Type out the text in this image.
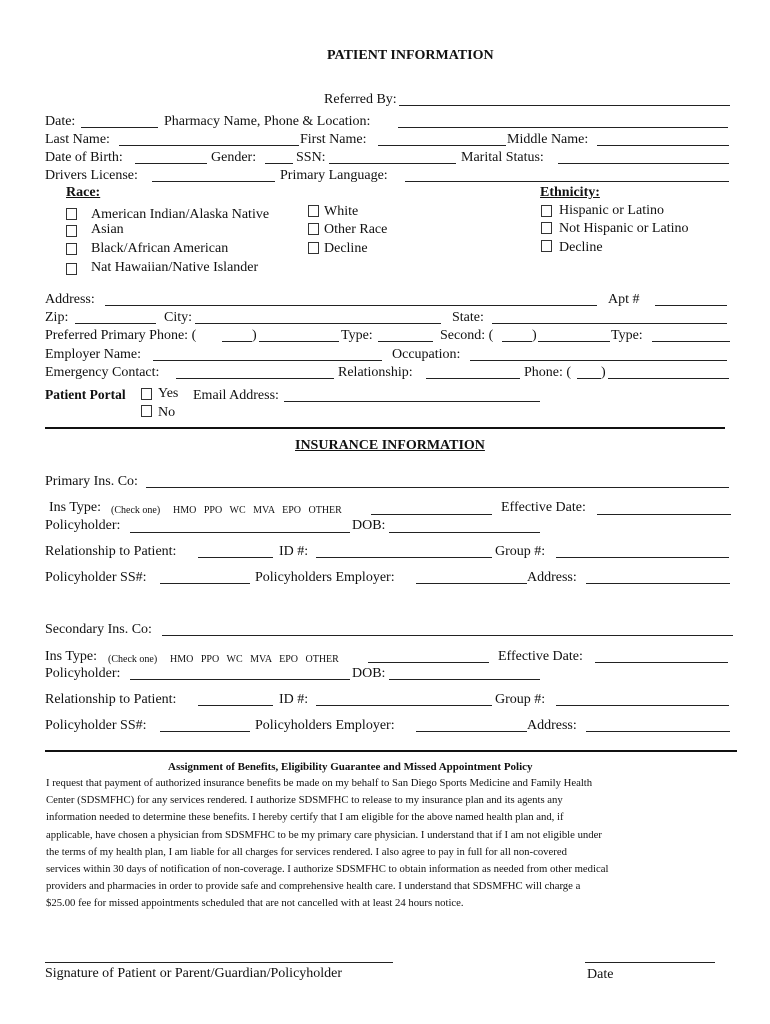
PATIENT INFORMATION
Referred By:
Date:	Pharmacy Name, Phone & Location:
Last Name:	First Name:	Middle Name:
Date of Birth:	Gender:	SSN:	Marital Status:
Drivers License:	Primary Language:
Race:
American Indian/Alaska Native
Asian
Black/African American
Nat Hawaiian/Native Islander
White
Other Race
Decline
Ethnicity:
Hispanic or Latino
Not Hispanic or Latino
Decline
Address:	Apt #
Zip:	City:	State:
Preferred Primary Phone: (	)	Type:	Second: (	)	Type:
Employer Name:	Occupation:
Emergency Contact:	Relationship:	Phone: ( )
Patient Portal Yes Email Address:
No
INSURANCE INFORMATION
Primary Ins. Co:
Ins Type: (Check one) HMO   PPO   WC   MVA   EPO   OTHER	Effective Date:
Policyholder:	DOB:
Relationship to Patient:	ID #:	Group #:
Policyholder SS#:	Policyholders Employer:	Address:
Secondary Ins. Co:
Ins Type: (Check one) HMO   PPO   WC   MVA   EPO   OTHER	Effective Date:
Policyholder:	DOB:
Relationship to Patient:	ID #:	Group #:
Policyholder SS#:	Policyholders Employer:	Address:
Assignment of Benefits, Eligibility Guarantee and Missed Appointment Policy
I request that payment of authorized insurance benefits be made on my behalf to San Diego Sports Medicine and Family Health
Center (SDSMFHC) for any services rendered. I authorize SDSMFHC to release to my insurance plan and its agents any
information needed to determine these benefits. I hereby certify that I am eligible for the above named health plan and, if
applicable, have chosen a physician from SDSMFHC to be my primary care physician. I understand that if I am not eligible under
the terms of my health plan, I am liable for all charges for services rendered. I also agree to pay in full for all non-covered
services within 30 days of notification of non-coverage. I authorize SDSMFHC to obtain information as needed from other medical
providers and pharmacies in order to provide safe and comprehensive health care. I understand that SDSMFHC will charge a
$25.00 fee for missed appointments scheduled that are not cancelled with at least 24 hours notice.
Signature of Patient or Parent/Guardian/Policyholder	Date
